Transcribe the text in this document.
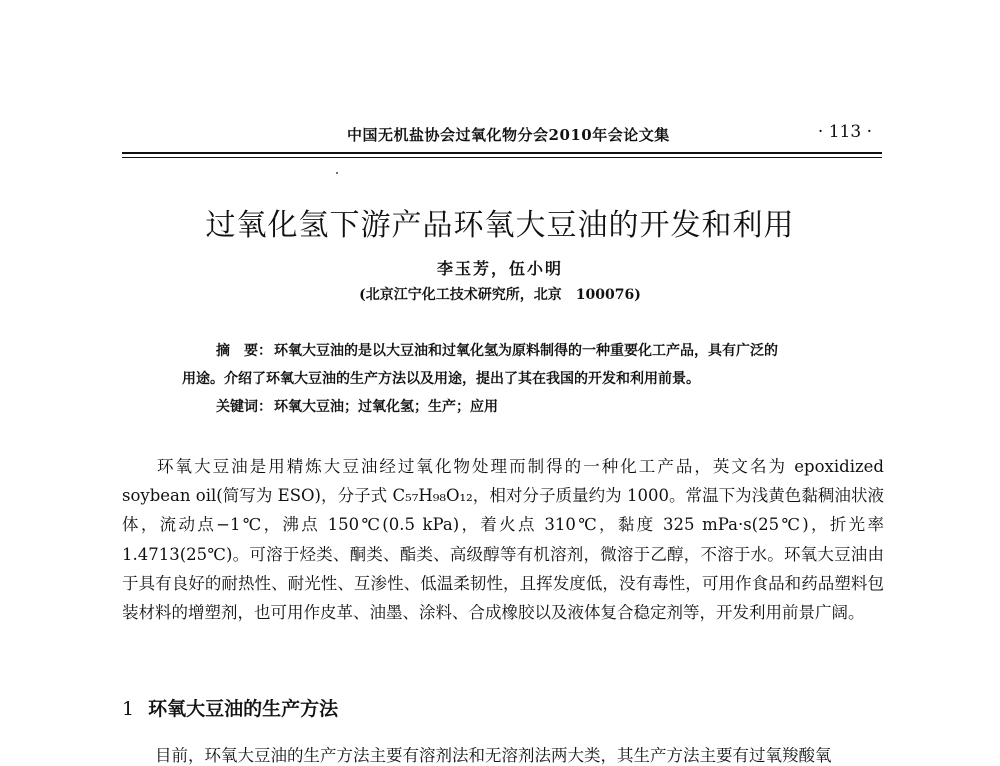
中国无机盐协会过氧化物分会2010年会论文集	· 113 ·
过氧化氢下游产品环氧大豆油的开发和利用
李玉芳，伍小明
(北京江宁化工技术研究所，北京　100076)

摘　要： 环氧大豆油的是以大豆油和过氧化氢为原料制得的一种重要化工产品，具有广泛的

用途。介绍了环氧大豆油的生产方法以及用途，提出了其在我国的开发和利用前景。

关键词： 环氧大豆油；过氧化氢；生产；应用

环氧大豆油是用精炼大豆油经过氧化物处理而制得的一种化工产品，英文名为 epoxidized soybean oil(简写为 ESO)，分子式 C₅₇H₉₈O₁₂，相对分子质量约为 1000。常温下为浅黄色黏稠油状液体，流动点−1℃，沸点 150℃(0.5 kPa)，着火点 310℃，黏度 325 mPa·s(25℃)，折光率 1.4713(25℃)。可溶于烃类、酮类、酯类、高级醇等有机溶剂，微溶于乙醇，不溶于水。环氧大豆油由于具有良好的耐热性、耐光性、互渗性、低温柔韧性，且挥发度低，没有毒性，可用作食品和药品塑料包装材料的增塑剂，也可用作皮革、油墨、涂料、合成橡胶以及液体复合稳定剂等，开发利用前景广阔。

1 环氧大豆油的生产方法
目前，环氧大豆油的生产方法主要有溶剂法和无溶剂法两大类，其生产方法主要有过氧羧酸氧
